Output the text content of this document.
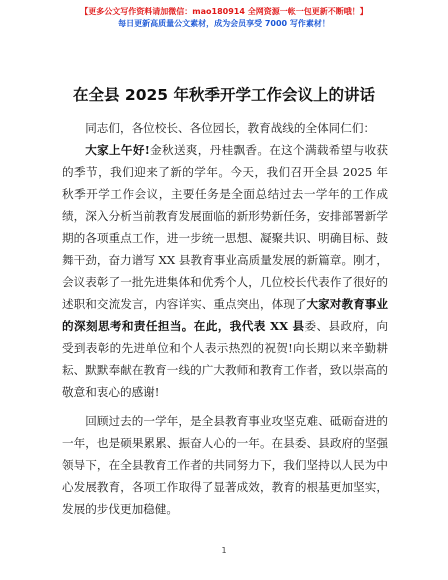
【更多公文写作资料请加微信：mao180914 全网资源一帐一包更新不断哦！】
每日更新高质量公文素材，成为会员享受 7000 写作素材！
在全县 2025 年秋季开学工作会议上的讲话

同志们，各位校长、各位园长，教育战线的全体同仁们：

大家上午好!金秋送爽，丹桂飘香。在这个满载希望与收获的季节，我们迎来了新的学年。今天，我们召开全县 2025 年秋季开学工作会议，主要任务是全面总结过去一学年的工作成绩，深入分析当前教育发展面临的新形势新任务，安排部署新学期的各项重点工作，进一步统一思想、凝聚共识、明确目标、鼓舞干劲，奋力谱写 XX 县教育事业高质量发展的新篇章。刚才，会议表彰了一批先进集体和优秀个人，几位校长代表作了很好的述职和交流发言，内容详实、重点突出，体现了大家对教育事业的深刻思考和责任担当。在此，我代表 XX 县委、县政府，向受到表彰的先进单位和个人表示热烈的祝贺!向长期以来辛勤耕耘、默默奉献在教育一线的广大教师和教育工作者，致以崇高的敬意和衷心的感谢!

回顾过去的一学年，是全县教育事业攻坚克难、砥砺奋进的一年，也是硕果累累、振奋人心的一年。在县委、县政府的坚强领导下，在全县教育工作者的共同努力下，我们坚持以人民为中心发展教育，各项工作取得了显著成效，教育的根基更加坚实，发展的步伐更加稳健。

1
